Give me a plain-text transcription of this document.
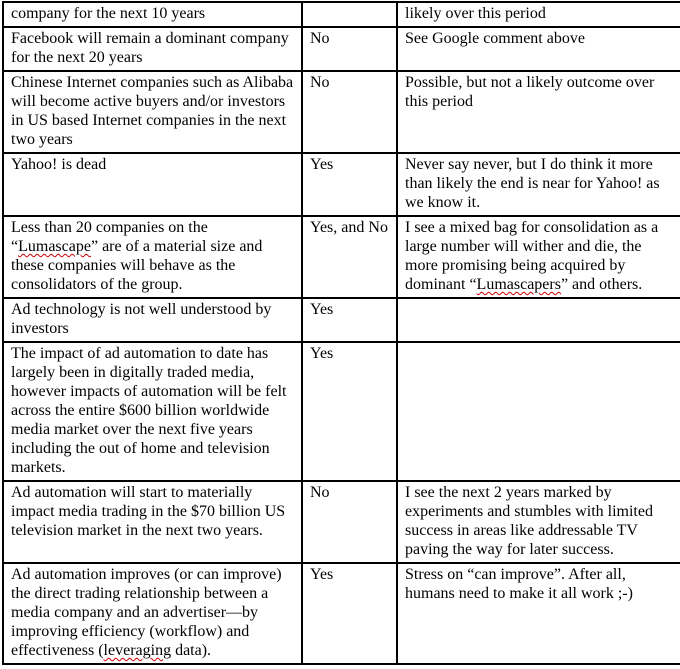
company for the next 10 years		likely over this period
Facebook will remain a dominant company for the next 20 years	No	See Google comment above
Chinese Internet companies such as Alibaba will become active buyers and/or investors in US based Internet companies in the next two years	No	Possible, but not a likely outcome over this period
Yahoo! is dead	Yes	Never say never, but I do think it more than likely the end is near for Yahoo! as we know it.
Less than 20 companies on the “Lumascape” are of a material size and these companies will behave as the consolidators of the group.	Yes, and No	I see a mixed bag for consolidation as a large number will wither and die, the more promising being acquired by dominant “Lumascapers” and others.
Ad technology is not well understood by investors	Yes	
The impact of ad automation to date has largely been in digitally traded media, however impacts of automation will be felt across the entire $600 billion worldwide media market over the next five years including the out of home and television markets.	Yes	
Ad automation will start to materially impact media trading in the $70 billion US television market in the next two years.	No	I see the next 2 years marked by experiments and stumbles with limited success in areas like addressable TV paving the way for later success.
Ad automation improves (or can improve) the direct trading relationship between a media company and an advertiser—by improving efficiency (workflow) and effectiveness (leveraging data).	Yes	Stress on “can improve”. After all, humans need to make it all work ;-)
